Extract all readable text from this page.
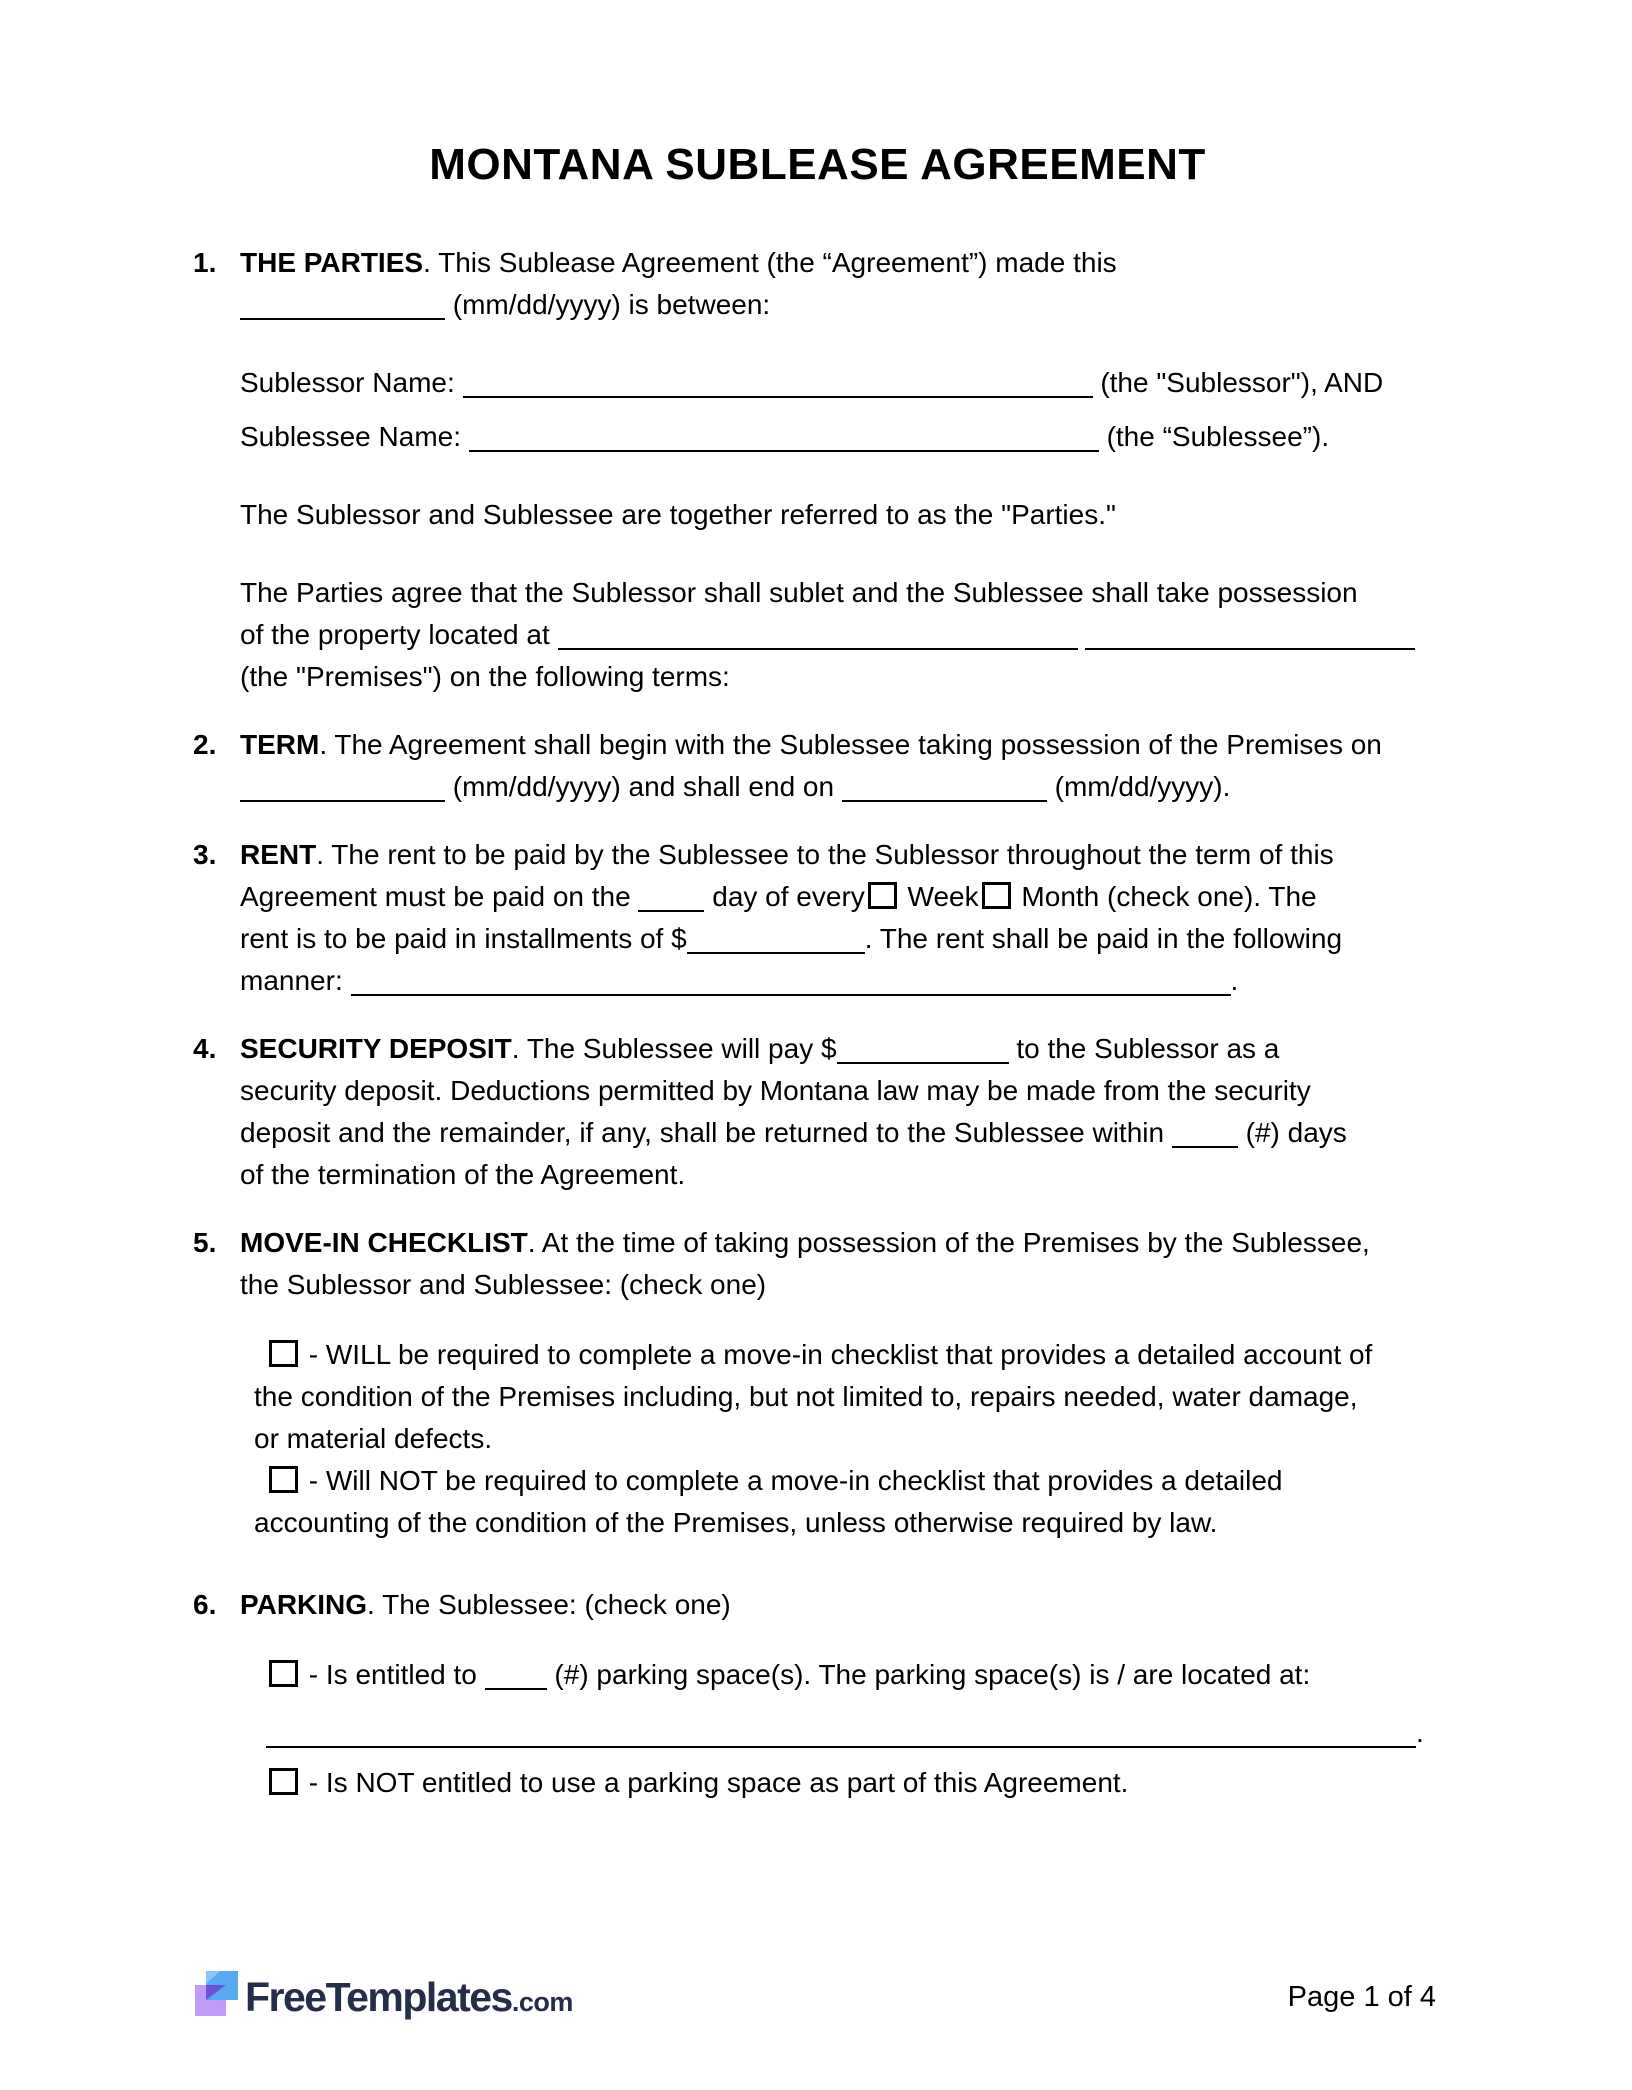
MONTANA SUBLEASE AGREEMENT
1. THE PARTIES. This Sublease Agreement (the “Agreement”) made this
(mm/dd/yyyy) is between:
Sublessor Name:	(the "Sublessor"), AND
Sublessee Name:	(the “Sublessee”).
The Sublessor and Sublessee are together referred to as the "Parties."
The Parties agree that the Sublessor shall sublet and the Sublessee shall take possession
of the property located at
(the "Premises") on the following terms:
2. TERM. The Agreement shall begin with the Sublessee taking possession of the Premises on
(mm/dd/yyyy) and shall end on	(mm/dd/yyyy).
3. RENT. The rent to be paid by the Sublessee to the Sublessor throughout the term of this
Agreement must be paid on the  day of every Week Month (check one). The
rent is to be paid in installments of $	. The rent shall be paid in the following
manner:	.
4. SECURITY DEPOSIT. The Sublessee will pay $	to the Sublessor as a
security deposit. Deductions permitted by Montana law may be made from the security
deposit and the remainder, if any, shall be returned to the Sublessee within  (#) days
of the termination of the Agreement.
5. MOVE-IN CHECKLIST. At the time of taking possession of the Premises by the Sublessee,
the Sublessor and Sublessee: (check one)
- WILL be required to complete a move-in checklist that provides a detailed account of
the condition of the Premises including, but not limited to, repairs needed, water damage,
or material defects.
- Will NOT be required to complete a move-in checklist that provides a detailed
accounting of the condition of the Premises, unless otherwise required by law.
6. PARKING. The Sublessee: (check one)
- Is entitled to  (#) parking space(s). The parking space(s) is / are located at:
.
- Is NOT entitled to use a parking space as part of this Agreement.
FreeTemplates .com	Page 1 of 4
